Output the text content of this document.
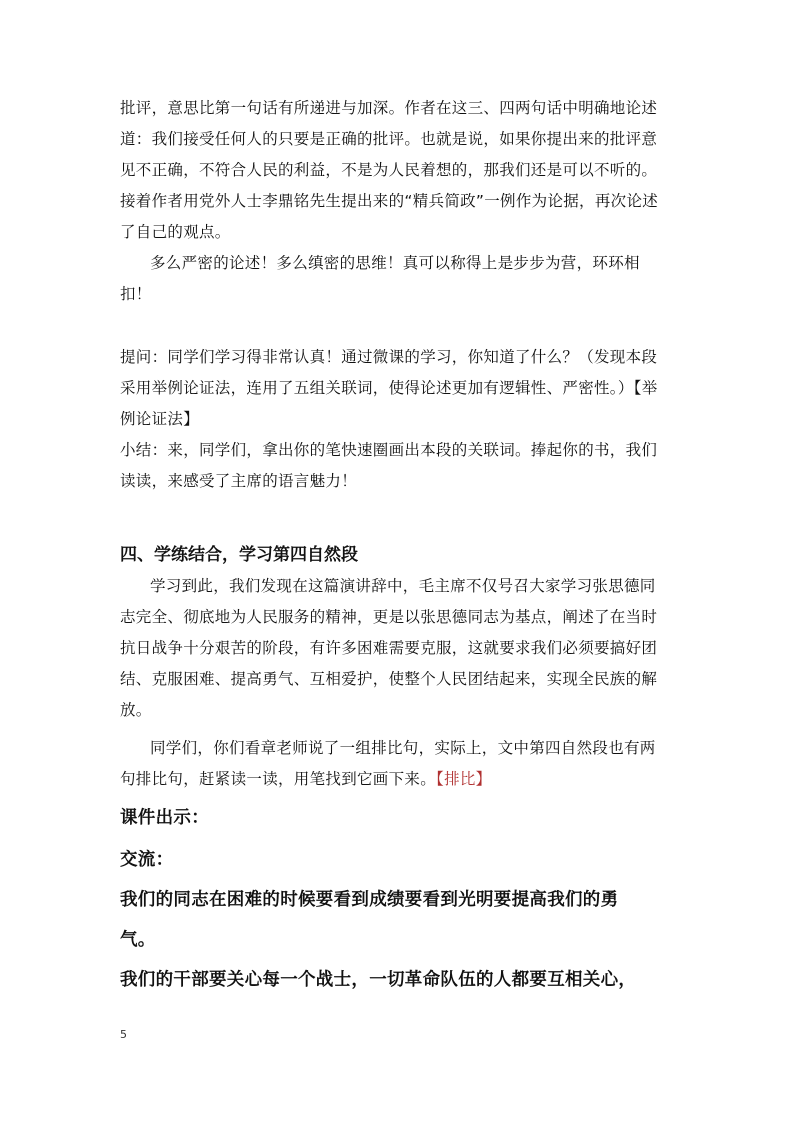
批评，意思比第一句话有所递进与加深。作者在这三、四两句话中明确地论述
道：我们接受任何人的只要是正确的批评。也就是说，如果你提出来的批评意
见不正确，不符合人民的利益，不是为人民着想的，那我们还是可以不听的。
接着作者用党外人士李鼎铭先生提出来的“精兵简政”一例作为论据，再次论述
了自己的观点。
多么严密的论述！多么缜密的思维！真可以称得上是步步为营，环环相
扣！
提问：同学们学习得非常认真！通过微课的学习，你知道了什么？（发现本段
采用举例论证法，连用了五组关联词，使得论述更加有逻辑性、严密性。）【举
例论证法】
小结：来，同学们，拿出你的笔快速圈画出本段的关联词。捧起你的书，我们
读读，来感受了主席的语言魅力！
四、学练结合，学习第四自然段
学习到此，我们发现在这篇演讲辞中，毛主席不仅号召大家学习张思德同
志完全、彻底地为人民服务的精神，更是以张思德同志为基点，阐述了在当时
抗日战争十分艰苦的阶段，有许多困难需要克服，这就要求我们必须要搞好团
结、克服困难、提高勇气、互相爱护，使整个人民团结起来，实现全民族的解
放。
同学们，你们看章老师说了一组排比句，实际上，文中第四自然段也有两
句排比句，赶紧读一读，用笔找到它画下来。【排比】
课件出示：
交流：
我们的同志在困难的时候要看到成绩要看到光明要提高我们的勇
气。
我们的干部要关心每一个战士，一切革命队伍的人都要互相关心，
5
